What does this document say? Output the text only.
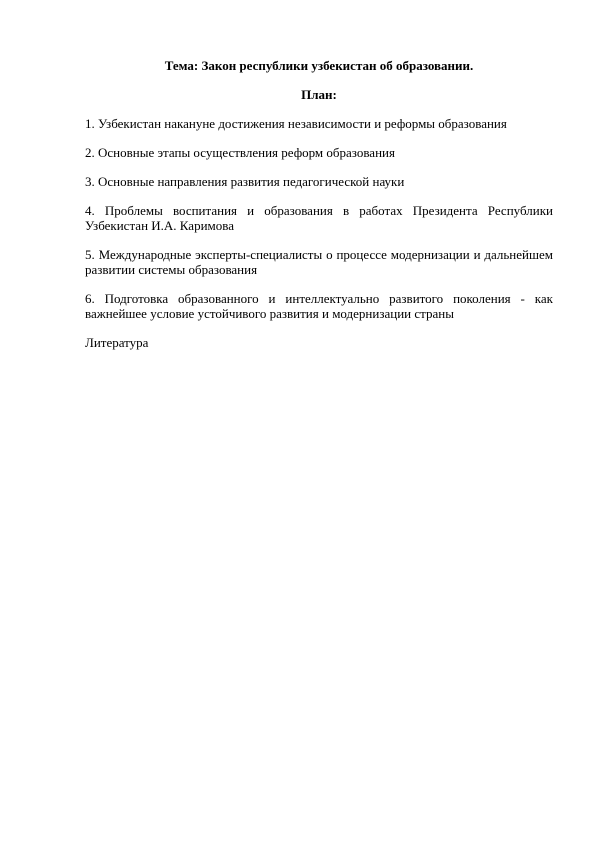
Тема: Закон республики узбекистан об образовании.

План:

1. Узбекистан накануне достижения независимости и реформы образования
2. Основные этапы осуществления реформ образования
3. Основные направления развития педагогической науки
4. Проблемы воспитания и образования в работах Президента Республики Узбекистан И.А. Каримова
5. Международные эксперты-специалисты о процессе модернизации и дальнейшем развитии системы образования
6. Подготовка образованного и интеллектуально развитого поколения - как важнейшее условие устойчивого развития и модернизации страны

Литература
